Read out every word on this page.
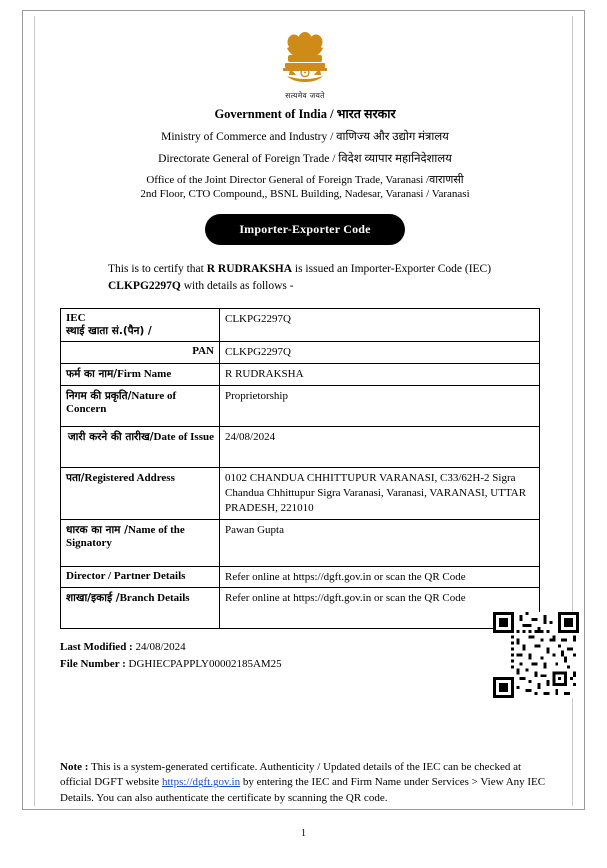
सत्यमेव जयते
Government of India / भारत सरकार
Ministry of Commerce and Industry / वाणिज्य और उद्योग मंत्रालय
Directorate General of Foreign Trade / विदेश व्यापार महानिदेशालय
Office of the Joint Director General of Foreign Trade, Varanasi /वाराणसी
2nd Floor, CTO Compound,, BSNL Building, Nadesar, Varanasi / Varanasi
Importer-Exporter Code
This is to certify that R RUDRAKSHA is issued an Importer-Exporter Code (IEC)
CLKPG2297Q with details as follows -
IEC
स्थाई खाता सं.(पैन) /	CLKPG2297Q

PAN	CLKPG2297Q

फर्म का नाम/Firm Name	R RUDRAKSHA

निगम की प्रकृति/Nature of Concern	Proprietorship

जारी करने की तारीख/Date of Issue	24/08/2024

पता/Registered Address	0102 CHANDUA CHHITTUPUR VARANASI, C33/62H-2 Sigra Chandua Chhittupur Sigra Varanasi, Varanasi, VARANASI, UTTAR PRADESH, 221010

धारक का नाम /Name of the Signatory	Pawan Gupta

Director / Partner Details	Refer online at https://dgft.gov.in or scan the QR Code

शाखा/इकाई /Branch Details	Refer online at https://dgft.gov.in or scan the QR Code
Last Modified : 24/08/2024
File Number : DGHIECPAPPLY00002185AM25
Note : This is a system-generated certificate. Authenticity / Updated details of the IEC can be checked at official DGFT website https://dgft.gov.in by entering the IEC and Firm Name under Services > View Any IEC Details. You can also authenticate the certificate by scanning the QR code.
1
